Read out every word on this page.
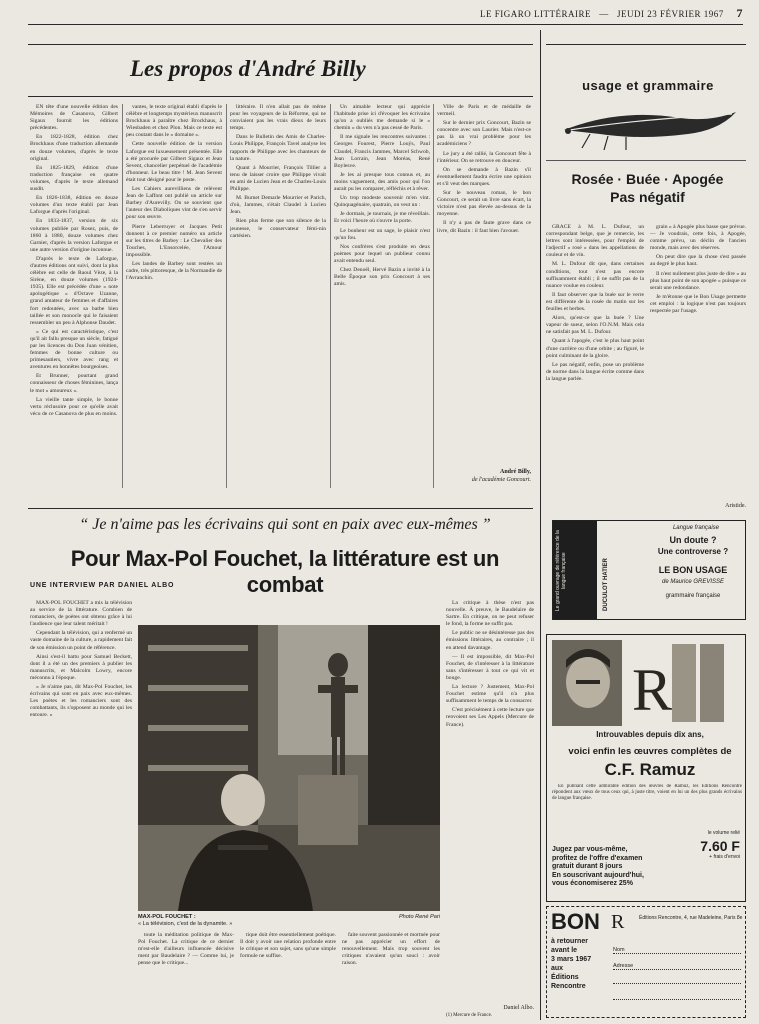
LE FIGARO LITTÉRAIRE   —   JEUDI 23 FÉVRIER 1967 7
Les propos d'André Billy

EN tête d'une nouvelle édition des Mémoires de Casanova, Gilbert Sigaux fournit les éditions précédentes.

En 1822-1828, édition chez Brockhaus d'une traduction allemande en douze volumes, d'après le texte original.

En 1825-1829, édition d'une traduction française en quatre volumes, d'après le texte allemand susdit.

En 1826-1838, édition en douze volumes d'un texte établi par Jean Laforgue d'après l'original.

En 1833-1837, version de six volumes publiée par Rosez, puis, de 1860 à 1880, douze volumes chez Garnier, d'après la version Laforgue et une autre version d'origine inconnue.

D'après le texte de Laforgue, d'autres éditions ont suivi, dont la plus célèbre est celle de Raoul Vèze, à la Sirène, en douze volumes (1924-1935). Elle est précédée d'une « note apologétique » d'Octave Uzanne, grand amateur de femmes et d'affaires fort redoutées, avec sa barbe bien taillée et son monocle qui le faisaient ressembler un peu à Alphonse Daudet.

« Ce qui est caractéristique, c'est qu'il ait fallu presque un siècle, fatigué par les licences du Don Juan vénitien, femmes de bonne culture ou primesautiers, vivre avec rang et aventures en honnêtes bourgeoises.

Et Brunner, pourtant grand connaisseur de choses féminines, lança le mot « amoureux ».

La vieille tante simple, le bonne vertu réclusoire pour ce qu'elle avait vécu de ce Casanova de plus en moins.

vantes, le texte original établi d'après le célèbre et longtemps mystérieux manuscrit Brockhaus à paraître chez Brockhaus, à Wiesbaden et chez Plon. Mais ce texte est peu coutant dans le « domaine ».

Cette nouvelle édition de la version Laforgue est luxueusement présentée. Elle a été procurée par Gilbert Sigaux et Jean Sevent, chancelier perpétuel de l'académie d'honneur. Le beau titre ! M. Jean Sevent était tout désigné pour le poste.

Les Cahiers aurevilliens de relèvent Jean de Laffont ont publié un article sur Barbey d'Aurevilly. On se souvient que l'auteur des Diaboliques vint de s'en servir pour son œuvre.

Pierre Leberruyer et Jacques Petit donnent à ce premier numéro un article sur les titres de Barbey : Le Chevalier des Touches, L'Ensorcelée, l'Amour impossible.

Les landes de Barbey sont restées un cadre, très pittoresque, de la Normandie de l'Avranchin.

littéraire. Il n'en allait pas de même pour les voyageurs de la Réforme, qui ne conviaient pas les vrais dieux de leurs temps.

Dans le Bulletin des Amis de Charles-Louis Philippe, François Tavel analyse les rapports de Philippe avec les chanteurs de la nature.

Quant à Mourrier, François Tillier a tenu de laisser croire que Philippe vivait en ami de Lucien Jean et de Charles-Louis Philippe.

M. Burnet Demarle Mourrier et Parich, d'où, Jammes, s'était Claudel à Lucien Jean.

Rien plus ferme que son silence de la jeunesse, le conservateur fémi-nin cartésien.

Un aimable lecteur qui apprécie l'habitude prise ici d'évoquer les écrivains qu'on a oubliés me demande si le « chemin » du vers n'a pas cessé de Paris.

Il me signale les rencontres suivantes : Georges Fourest, Pierre Louÿs, Paul Claudel, Francis Jammes, Marcel Schwob, Jean Lorrain, Jean Moréas, René Boylesve.

Je les ai presque tous connus et, au moins vaguement, des amis pour qui l'on aurait pu les comparer, réfléchis et à rêver.

Un trop modeste souvenir m'en vint. Quinquagénaire, quatrain, on veut un :

Je dormais, je tournais, je me réveillais. Et voici l'heure où s'ouvre la porte.

Le bonheur est un sage, le plaisir n'est qu'un fou.

Nos confrères s'est produite en deux poèmes pour lequel un publieur connu avait entendu seul.

Chez Denoël, Hervé Bazin a invité à la Belle Époque son prix Goncourt à ses amis.

Ville de Paris et de médaille de vermeil.

Sur le dernier prix Goncourt, Bazin se concentre avec son Laurier. Mais n'est-ce pas là un vrai problème pour les académiciens ?

Le jury a été rallié, la Goncourt fête à l'intérieur. On se retrouve en douceur.

On se demande à Bazin s'il éventuellement faudra écrire une opinion et s'il veut des marques.

Sur le nouveau roman, le bon Goncourt, ce serait un livre sans écart, la victoire n'est pas élevée au-dessus de la moyenne.

Il n'y a pas de faute grave dans ce livre, dit Bazin : il faut bien l'avouer.

André Billy,
de l'académie Goncourt.
usage et grammaire
Rosée · Buée · Apogée
Pas négatif

GRACE à M. L. Dufour, un correspondant belge, que je remercie, les lettres sont intéressées, pour l'emploi de l'adjectif « rosé » dans les appellations de couleur et de vin.

M. L. Dufour dit que, dans certaines conditions, tout n'est pas encore suffisamment établi ; il ne suffit pas de la nuance voulue en couleur.

Il faut observer que la buée sur le verre est différente de la rosée du matin sur les feuilles et herbes.

Alors, qu'est-ce que la buée ? Une vapeur de sueur, selon l'O.N.M. Mais cela ne satisfait pas M. L. Dufour.

Quant à l'apogée, c'est le plus haut point d'une carrière ou d'une orbite ; au figuré, le point culminant de la gloire.

Le pas négatif, enfin, pose un problème de norme dans la langue écrite comme dans la langue parlée.

grain » à Apogée plus basse que prévue. — Je voudrais, cette fois, à Apogée, comme prévu, un déclin de l'ancien monde, mais avec des réserves.

On peut dire que la chose s'est passée au degré le plus haut.

Il n'est nullement plus juste de dire « au plus haut point de son apogée » puisque ce serait une redondance.

Je m'étonne que le Bon Usage permette cet emploi : la logique n'est pas toujours respectée par l'usage.

Aristide.
Le grand ouvrage de référence de la langue française	DUCULOT HATIER
Langue française
Un doute ?
Une controverse ?
LE BON USAGE
de Maurice GREVISSE
grammaire française
“ Je n'aime pas les écrivains qui sont en paix avec eux-mêmes ”
Pour Max-Pol Fouchet, la littérature est un combat
UNE INTERVIEW PAR DANIEL ALBO

MAX-POL FOUCHET a mis la télévision au service de la littérature. Combien de romanciers, de poètes ont obtenu grâce à lui l'audience que leur talent méritait !

Cependant la télévision, qui a renfermé un vaste domaine de la culture, a rapidement fait de son émission un point de référence.

Ainsi s'est-il battu pour Samuel Beckett, dont il a été un des premiers à publier les manuscrits, et Malcolm Lowry, encore méconnu à l'époque.

« Je n'aime pas, dit Max-Pol Fouchet, les écrivains qui sont en paix avec eux-mêmes. Les poètes et les romanciers sont des combattants, ils s'opposent au monde qui les entoure. »

La critique à thèse n'est pas nouvelle. À preuve, le Baudelaire de Sartre. En critique, on ne peut refuser le fond, la forme ne suffit pas.

Le public ne se désintéresse pas des émissions littéraires, au contraire ; il en attend davantage.

— Il est impossible, dit Max-Pol Fouchet, de s'intéresser à la littérature sans s'intéresser à tout ce qui vit et bouge.

La lecture ? Justement, Max-Pol Fouchet estime qu'il n'a plus suffisamment le temps de la consacrer.

C'est précisément à cette lecture que renvoient ses Les Appels (Mercure de France).

MAX-POL FOUCHET :
« La télévision, c'est de la dynamite. »
Photo René Pari

toute la méditation politique de Max-Pol Fouchet. La critique de ce dernier m'est-elle d'ailleurs influencée décisive ment par Baudelaire ? — Comme lui, je pense que le critique...

tique doit être essentiellement poétique. Il doit y avoir une relation profonde entre le critique et son sujet, sans qu'une simple formule ne suffise.

faite souvent passionnée et mortnée pour ne pas apprécier un effort de renouvellement. Mais trop souvent les critiques n'avaient qu'un souci : avoir raison.

Daniel Albo.
(1) Mercure de France.
R
Introuvables depuis dix ans,
voici enfin les œuvres complètes de
C.F. Ramuz

En publiant cette admirable édition des œuvres de Ramuz, les Éditions Rencontre répondent aux vœux de tous ceux qui, à juste titre, voient en lui un des plus grands écrivains de langue française.

le volume relié
7.60 F
+ frais d'envoi
Jugez par vous-même,
profitez de l'offre d'examen
gratuit durant 8 jours
En souscrivant aujourd'hui,
vous économiserez 25%
BON
à retourner
avant le
3 mars 1967
aux
Éditions
Rencontre
R	Éditions Rencontre, 4, rue Madeleine, Paris 8e
Nom
Adresse
